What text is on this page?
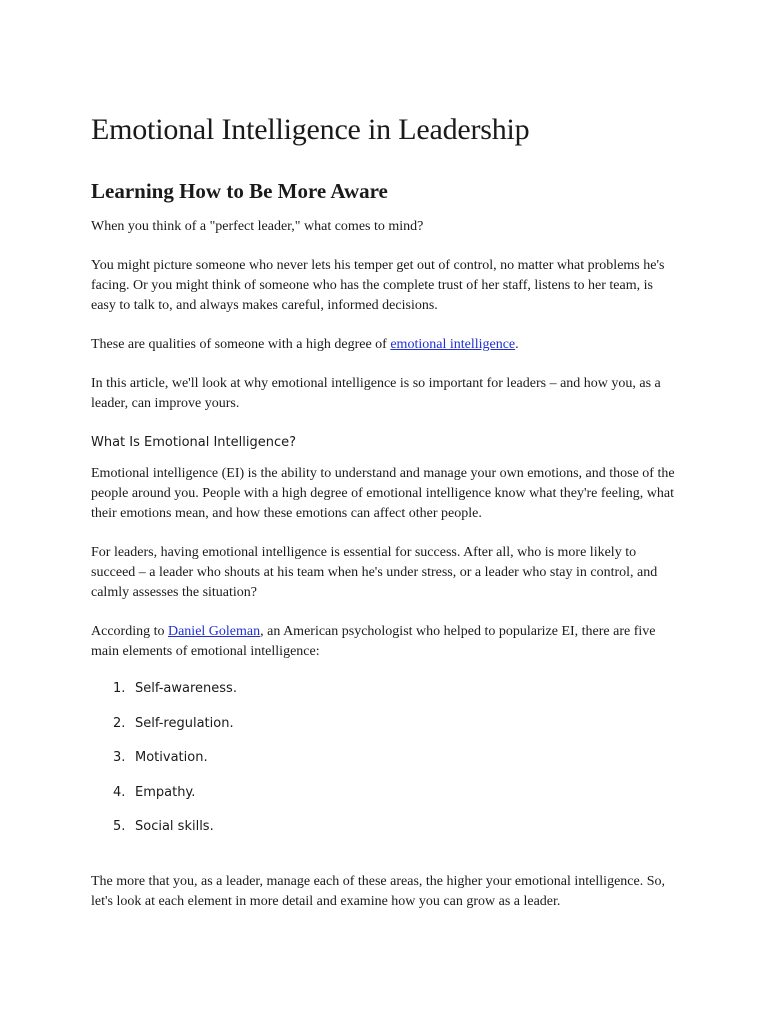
Emotional Intelligence in Leadership
Learning How to Be More Aware

When you think of a "perfect leader," what comes to mind?

You might picture someone who never lets his temper get out of control, no matter what problems he's facing. Or you might think of someone who has the complete trust of her staff, listens to her team, is easy to talk to, and always makes careful, informed decisions.

These are qualities of someone with a high degree of emotional intelligence.

In this article, we'll look at why emotional intelligence is so important for leaders – and how you, as a leader, can improve yours.

What Is Emotional Intelligence?

Emotional intelligence (EI) is the ability to understand and manage your own emotions, and those of the people around you. People with a high degree of emotional intelligence know what they're feeling, what their emotions mean, and how these emotions can affect other people.

For leaders, having emotional intelligence is essential for success. After all, who is more likely to succeed – a leader who shouts at his team when he's under stress, or a leader who stay in control, and calmly assesses the situation?

According to Daniel Goleman, an American psychologist who helped to popularize EI, there are five main elements of emotional intelligence:

1. Self-awareness.
2. Self-regulation.
3. Motivation.
4. Empathy.
5. Social skills.

The more that you, as a leader, manage each of these areas, the higher your emotional intelligence. So, let's look at each element in more detail and examine how you can grow as a leader.
